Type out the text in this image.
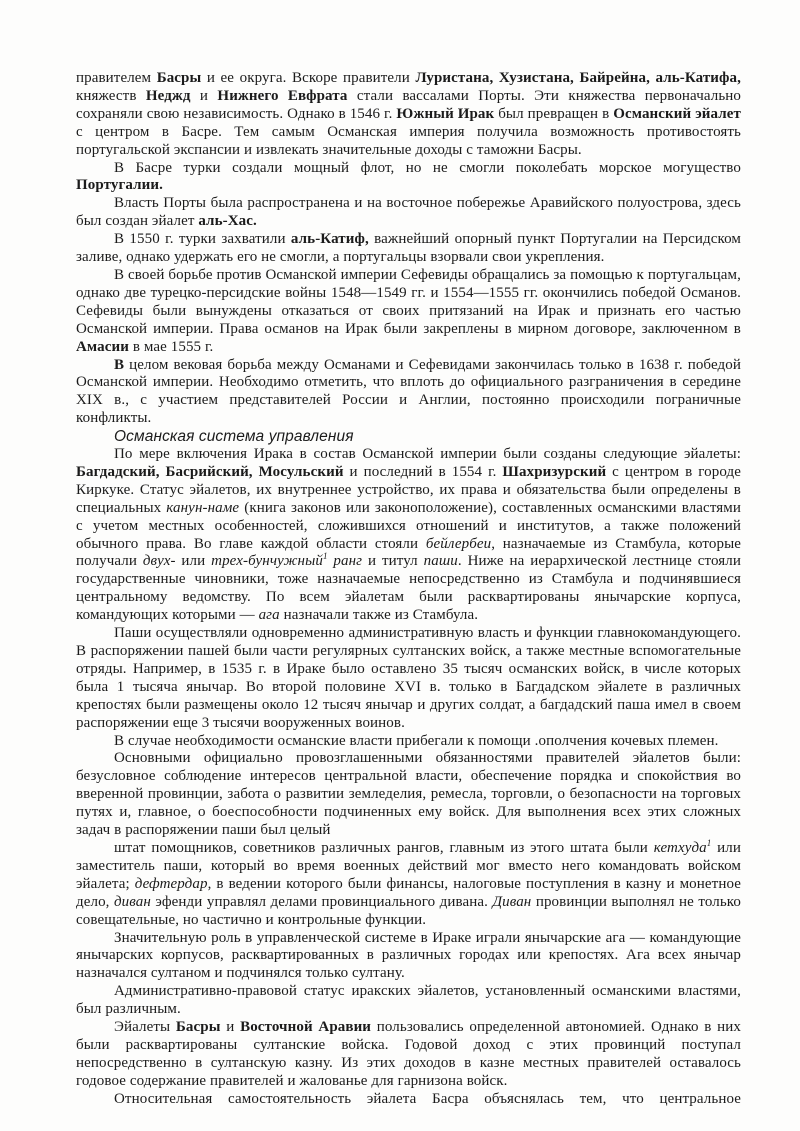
правителем Басры и ее округа. Вскоре правители Луристана, Хузистана, Байрейна, аль-Катифа, княжеств Неджд и Нижнего Евфрата стали вассалами Порты. Эти княжества первоначально сохраняли свою независимость. Однако в 1546 г. Южный Ирак был превращен в Османский эйалет с центром в Басре. Тем самым Османская империя получила возможность противостоять португальской экспансии и извлекать значительные доходы с таможни Басры.

В Басре турки создали мощный флот, но не смогли поколебать морское могущество Португалии.

Власть Порты была распространена и на восточное побережье Аравийского полуострова, здесь был создан эйалет аль-Хас.

В 1550 г. турки захватили аль-Катиф, важнейший опорный пункт Португалии на Персидском заливе, однако удержать его не смогли, а португальцы взорвали свои укрепления.

В своей борьбе против Османской империи Сефевиды обращались за помощью к португальцам, однако две турецко-персидские войны 1548—1549 гг. и 1554—1555 гг. окончились победой Османов. Сефевиды были вынуждены отказаться от своих притязаний на Ирак и признать его частью Османской империи. Права османов на Ирак были закреплены в мирном договоре, заключенном в Амасии в мае 1555 г.

В целом вековая борьба между Османами и Сефевидами закончилась только в 1638 г. победой Османской империи. Необходимо отметить, что вплоть до официального разграничения в середине XIX в., с участием представителей России и Англии, постоянно происходили пограничные конфликты.

Османская система управления

По мере включения Ирака в состав Османской империи были созданы следующие эйалеты: Багдадский, Басрийский, Мосульский и последний в 1554 г. Шахризурский с центром в городе Киркуке. Статус эйалетов, их внутреннее устройство, их права и обязательства были определены в специальных канун-наме (книга законов или законоположение), составленных османскими властями с учетом местных особенностей, сложившихся отношений и институтов, а также положений обычного права. Во главе каждой области стояли бейлербеи, назначаемые из Стамбула, которые получали двух- или трех-бунчужный$^1$ ранг и титул паши. Ниже на иерархической лестнице стояли государственные чиновники, тоже назначаемые непосредственно из Стамбула и подчинявшиеся центральному ведомству. По всем эйалетам были расквартированы янычарские корпуса, командующих которыми — ага назначали также из Стамбула.

Паши осуществляли одновременно административную власть и функции главнокомандующего. В распоряжении пашей были части регулярных султанских войск, а также местные вспомогательные отряды. Например, в 1535 г. в Ираке было оставлено 35 тысяч османских войск, в числе которых была 1 тысяча янычар. Во второй половине XVI в. только в Багдадском эйалете в различных крепостях были размещены около 12 тысяч янычар и других солдат, а багдадский паша имел в своем распоряжении еще 3 тысячи вооруженных воинов.

В случае необходимости османские власти прибегали к помощи .ополчения кочевых племен.

Основными официально провозглашенными обязанностями правителей эйалетов были: безусловное соблюдение интересов центральной власти, обеспечение порядка и спокойствия во вверенной провинции, забота о развитии земледелия, ремесла, торговли, о безопасности на торговых путях и, главное, о боеспособности подчиненных ему войск. Для выполнения всех этих сложных задач в распоряжении паши был целый

штат помощников, советников различных рангов, главным из этого штата были кетхуда$^1$ или заместитель паши, который во время военных действий мог вместо него командовать войском эйалета; дефтердар, в ведении которого были финансы, налоговые поступления в казну и монетное дело, диван эфенди управлял делами провинциального дивана. Диван провинции выполнял не только совещательные, но частично и контрольные функции.

Значительную роль в управленческой системе в Ираке играли янычарские ага — командующие янычарских корпусов, расквартированных в различных городах или крепостях. Ага всех янычар назначался султаном и подчинялся только султану.

Административно-правовой статус иракских эйалетов, установленный османскими властями, был различным.

Эйалеты Басры и Восточной Аравии пользовались определенной автономией. Однако в них были расквартированы султанские войска. Годовой доход с этих провинций поступал непосредственно в султанскую казну. Из этих доходов в казне местных правителей оставалось годовое содержание правителей и жалованье для гарнизона войск.

Относительная самостоятельность эйалета Басра объяснялась тем, что центральное
